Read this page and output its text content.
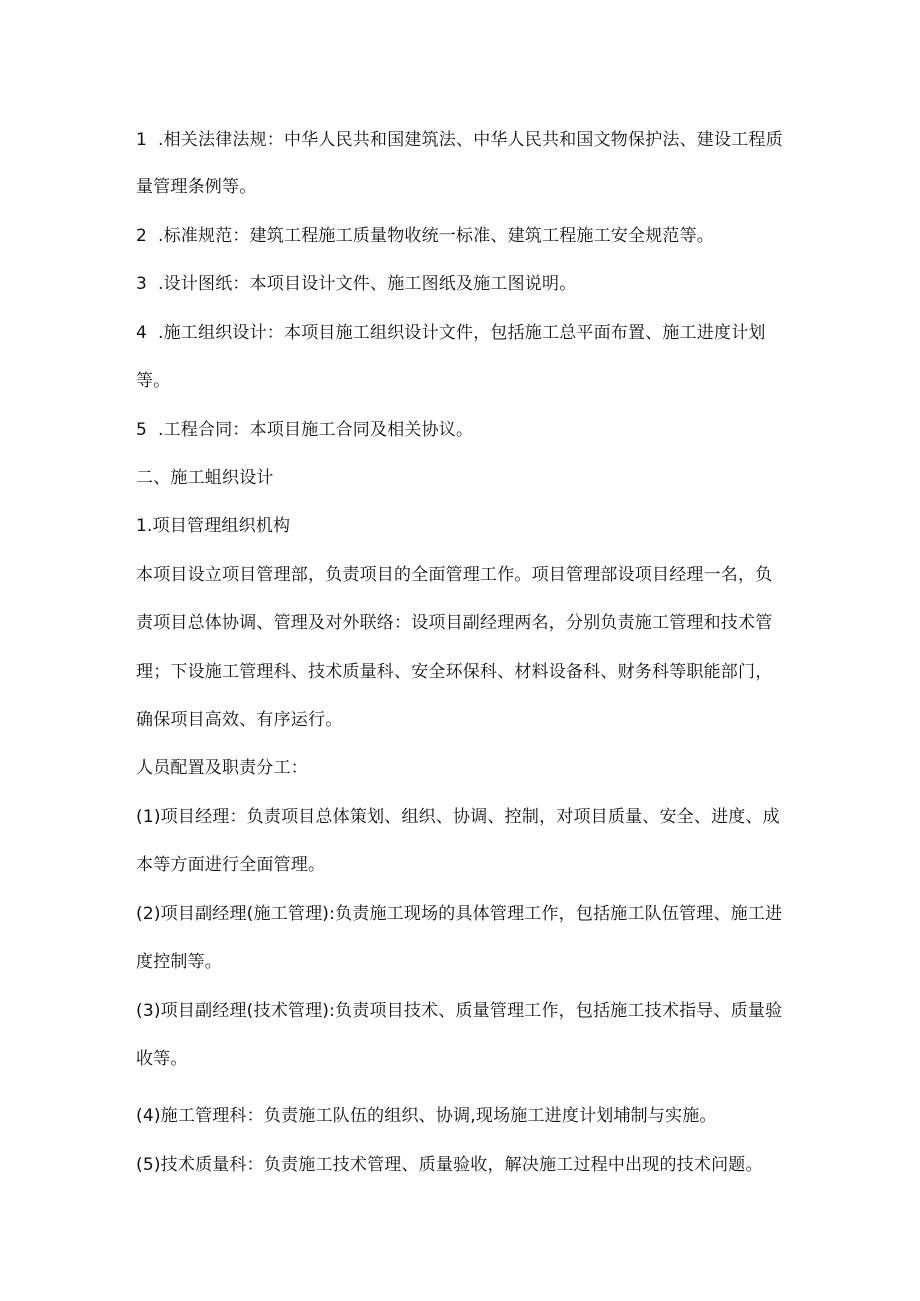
1 .相关法律法规：中华人民共和国建筑法、中华人民共和国文物保护法、建设工程质
量管理条例等。
2 .标准规范：建筑工程施工质量物收统一标准、建筑工程施工安全规范等。
3 .设计图纸：本项目设计文件、施工图纸及施工图说明。
4 .施工组织设计：本项目施工组织设计文件，包括施工总平面布置、施工进度计划
等。
5 .工程合同：本项目施工合同及相关协议。
二、施工蛆织设计
1.项目管理组织机构
本项目设立项目管理部，负责项目的全面管理工作。项目管理部设项目经理一名，负
责项目总体协调、管理及对外联络：设项目副经理两名，分别负责施工管理和技术管
理；下设施工管理科、技术质量科、安全环保科、材料设备科、财务科等职能部门，
确保项目高效、有序运行。
人员配置及职责分工：
(1)项目经理：负责项目总体策划、组织、协调、控制，对项目质量、安全、进度、成
本等方面进行全面管理。
(2)项目副经理(施工管理):负责施工现场的具体管理工作，包括施工队伍管理、施工进
度控制等。
(3)项目副经理(技术管理):负责项目技术、质量管理工作，包括施工技术指导、质量验
收等。
(4)施工管理科：负责施工队伍的组织、协调,现场施工进度计划埔制与实施。
(5)技术质量科：负责施工技术管理、质量验收，解决施工过程中出现的技术问题。
